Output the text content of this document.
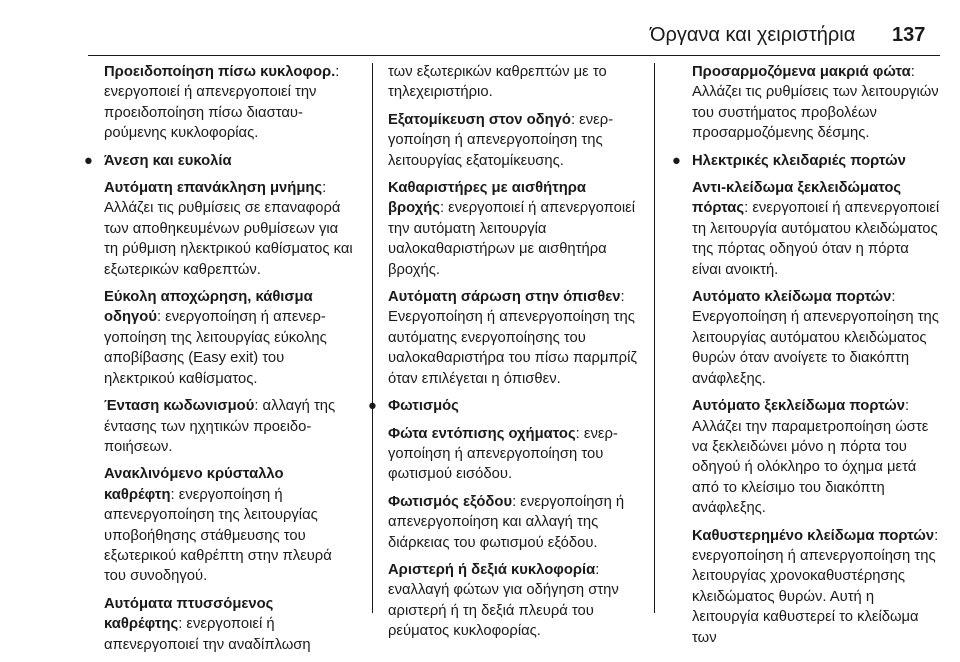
Όργανα και χειριστήρια 137

Προειδοποίηση πίσω κυκλοφορ.: ενεργοποιεί ή απενεργοποιεί την προειδοποίηση πίσω διασταυρούμενης κυκλοφορίας.

● Άνεση και ευκολία

Αυτόματη επανάκληση μνήμης: Αλλάζει τις ρυθμίσεις σε επαναφορά των αποθηκευμένων ρυθμίσεων για τη ρύθμιση ηλεκτρικού καθίσματος και εξωτερικών καθρεπτών.

Εύκολη αποχώρηση, κάθισμα οδηγού: ενεργοποίηση ή απενεργοποίηση της λειτουργίας εύκολης αποβίβασης (Easy exit) του ηλεκτρικού καθίσματος.

Ένταση κωδωνισμού: αλλαγή της έντασης των ηχητικών προειδοποιήσεων.

Ανακλινόμενο κρύσταλλο καθρέφτη: ενεργοποίηση ή απενεργοποίηση της λειτουργίας υποβοήθησης στάθμευσης του εξωτερικού καθρέπτη στην πλευρά του συνοδηγού.

Αυτόματα πτυσσόμενος καθρέφτης: ενεργοποιεί ή απενεργοποιεί την αναδίπλωση

των εξωτερικών καθρεπτών με το τηλεχειριστήριο.

Εξατομίκευση στον οδηγό: ενεργοποίηση ή απενεργοποίηση της λειτουργίας εξατομίκευσης.

Καθαριστήρες με αισθήτηρα βροχής: ενεργοποιεί ή απενεργοποιεί την αυτόματη λειτουργία υαλοκαθαριστήρων με αισθητήρα βροχής.

Αυτόματη σάρωση στην όπισθεν: Ενεργοποίηση ή απενεργοποίηση της αυτόματης ενεργοποίησης του υαλοκαθαριστήρα του πίσω παρμπρίζ όταν επιλέγεται η όπισθεν.

● Φωτισμός

Φώτα εντόπισης οχήματος: ενεργοποίηση ή απενεργοποίηση του φωτισμού εισόδου.

Φωτισμός εξόδου: ενεργοποίηση ή απενεργοποίηση και αλλαγή της διάρκειας του φωτισμού εξόδου.

Αριστερή ή δεξιά κυκλοφορία: εναλλαγή φώτων για οδήγηση στην αριστερή ή τη δεξιά πλευρά του ρεύματος κυκλοφορίας.

Προσαρμοζόμενα μακριά φώτα: Αλλάζει τις ρυθμίσεις των λειτουργιών του συστήματος προβολέων προσαρμοζόμενης δέσμης.

● Ηλεκτρικές κλειδαριές πορτών

Αντι-κλείδωμα ξεκλειδώματος πόρτας: ενεργοποιεί ή απενεργοποιεί τη λειτουργία αυτόματου κλειδώματος της πόρτας οδηγού όταν η πόρτα είναι ανοικτή.

Αυτόματο κλείδωμα πορτών: Ενεργοποίηση ή απενεργοποίηση της λειτουργίας αυτόματου κλειδώματος θυρών όταν ανοίγετε το διακόπτη ανάφλεξης.

Αυτόματο ξεκλείδωμα πορτών: Αλλάζει την παραμετροποίηση ώστε να ξεκλειδώνει μόνο η πόρτα του οδηγού ή ολόκληρο το όχημα μετά από το κλείσιμο του διακόπτη ανάφλεξης.

Καθυστερημένο κλείδωμα πορτών: ενεργοποίηση ή απενεργοποίηση της λειτουργίας χρονοκαθυστέρησης κλειδώματος θυρών. Αυτή η λειτουργία καθυστερεί το κλείδωμα των
